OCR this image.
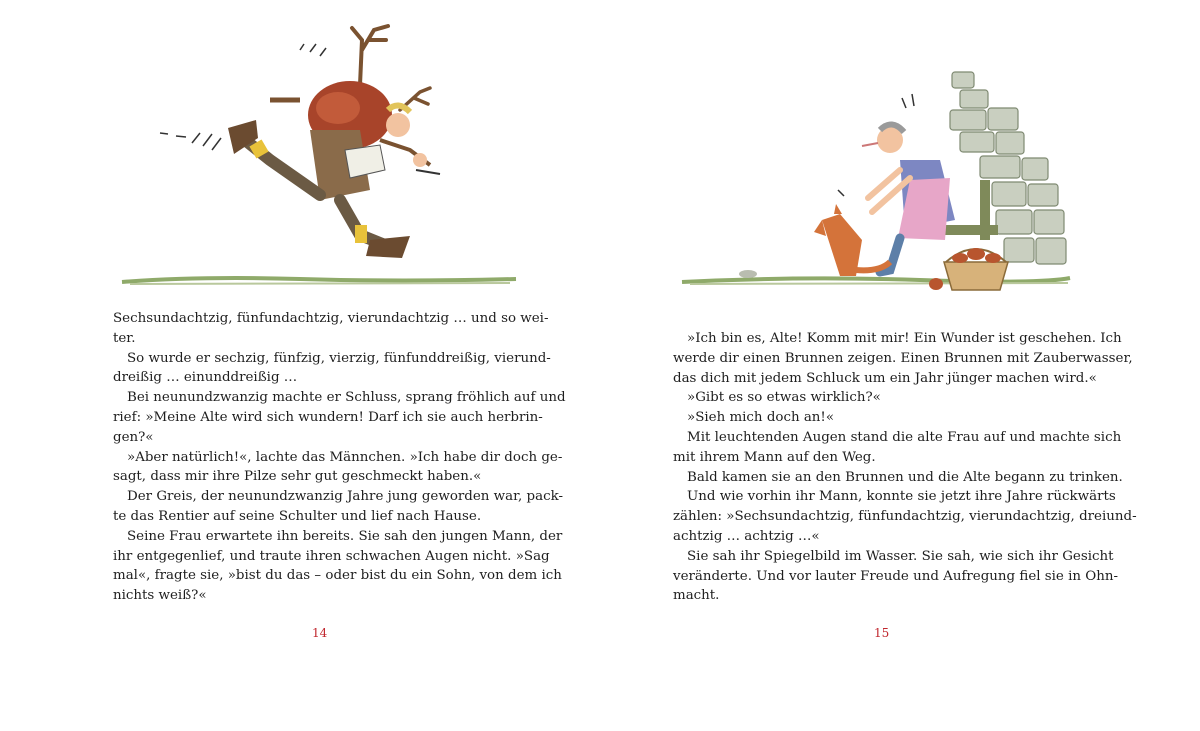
Sechsundachtzig, fünfundachtzig, vierundachtzig … und so wei-
ter.
So wurde er sechzig, fünfzig, vierzig, fünfunddreißig, vierund-
dreißig … einunddreißig …
Bei neunundzwanzig machte er Schluss, sprang fröhlich auf und
rief: »Meine Alte wird sich wundern! Darf ich sie auch herbrin-
gen?«
»Aber natürlich!«, lachte das Männchen. »Ich habe dir doch ge-
sagt, dass mir ihre Pilze sehr gut geschmeckt haben.«
Der Greis, der neunundzwanzig Jahre jung geworden war, pack-
te das Rentier auf seine Schulter und lief nach Hause.
Seine Frau erwartete ihn bereits. Sie sah den jungen Mann, der
ihr entgegenlief, und traute ihren schwachen Augen nicht. »Sag
mal«, fragte sie, »bist du das – oder bist du ein Sohn, von dem ich
nichts weiß?«
14
»Ich bin es, Alte! Komm mit mir! Ein Wunder ist geschehen. Ich
werde dir einen Brunnen zeigen. Einen Brunnen mit Zauberwasser,
das dich mit jedem Schluck um ein Jahr jünger machen wird.«
»Gibt es so etwas wirklich?«
»Sieh mich doch an!«
Mit leuchtenden Augen stand die alte Frau auf und machte sich
mit ihrem Mann auf den Weg.
Bald kamen sie an den Brunnen und die Alte begann zu trinken.
Und wie vorhin ihr Mann, konnte sie jetzt ihre Jahre rückwärts
zählen: »Sechsundachtzig, fünfundachtzig, vierundachtzig, dreiund-
achtzig … achtzig …«
Sie sah ihr Spiegelbild im Wasser. Sie sah, wie sich ihr Gesicht
veränderte. Und vor lauter Freude und Aufregung fiel sie in Ohn-
macht.
15
